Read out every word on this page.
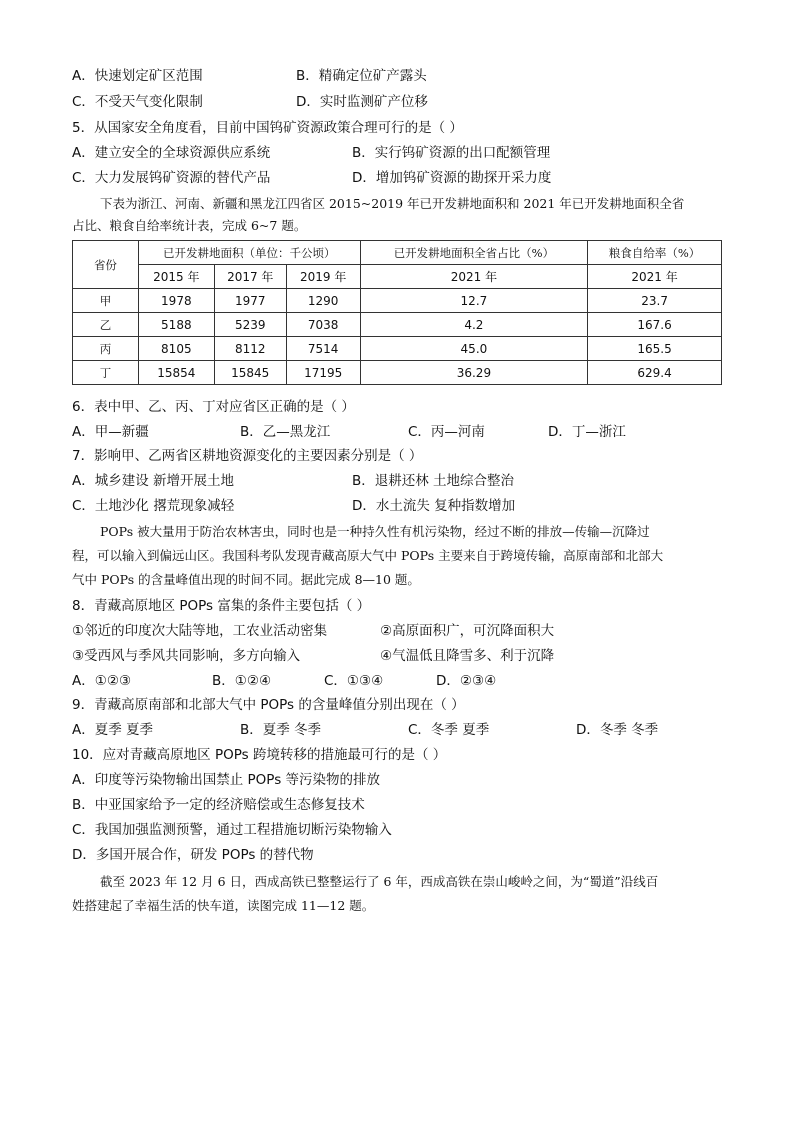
A．快速划定矿区范围	B．精确定位矿产露头
C．不受天气变化限制	D．实时监测矿产位移
5．从国家安全角度看，目前中国钨矿资源政策合理可行的是（ ）
A．建立安全的全球资源供应系统	B．实行钨矿资源的出口配额管理
C．大力发展钨矿资源的替代产品	D．增加钨矿资源的勘探开采力度
下表为浙江、河南、新疆和黑龙江四省区 2015~2019 年已开发耕地面积和 2021 年已开发耕地面积全省
占比、粮食自给率统计表，完成 6~7 题。
省份	已开发耕地面积（单位：千公顷）			已开发耕地面积全省占比（%）	粮食自给率（%）
	2015 年	2017 年	2019 年	2021 年	2021 年
甲	1978	1977	1290	12.7	23.7
乙	5188	5239	7038	4.2	167.6
丙	8105	8112	7514	45.0	165.5
丁	15854	15845	17195	36.29	629.4
6．表中甲、乙、丙、丁对应省区正确的是（ ）
A．甲—新疆	B．乙—黑龙江	C．丙—河南	D．丁—浙江
7．影响甲、乙两省区耕地资源变化的主要因素分别是（ ）
A．城乡建设 新增开展土地	B．退耕还林 土地综合整治
C．土地沙化 撂荒现象减轻	D．水土流失 复种指数增加
POPs 被大量用于防治农林害虫，同时也是一种持久性有机污染物，经过不断的排放—传输—沉降过
程，可以输入到偏远山区。我国科考队发现青藏高原大气中 POPs 主要来自于跨境传输，高原南部和北部大
气中 POPs 的含量峰值出现的时间不同。据此完成 8—10 题。
8．青藏高原地区 POPs 富集的条件主要包括（ ）
①邻近的印度次大陆等地，工农业活动密集	②高原面积广，可沉降面积大
③受西风与季风共同影响，多方向输入	④气温低且降雪多、利于沉降
A．①②③	B．①②④	C．①③④	D．②③④
9．青藏高原南部和北部大气中 POPs 的含量峰值分别出现在（ ）
A．夏季 夏季	B．夏季 冬季	C．冬季 夏季	D．冬季 冬季
10．应对青藏高原地区 POPs 跨境转移的措施最可行的是（ ）
A．印度等污染物输出国禁止 POPs 等污染物的排放
B．中亚国家给予一定的经济赔偿或生态修复技术
C．我国加强监测预警，通过工程措施切断污染物输入
D．多国开展合作，研发 POPs 的替代物
截至 2023 年 12 月 6 日，西成高铁已整整运行了 6 年，西成高铁在崇山峻岭之间，为“蜀道”沿线百
姓搭建起了幸福生活的快车道，读图完成 11—12 题。
